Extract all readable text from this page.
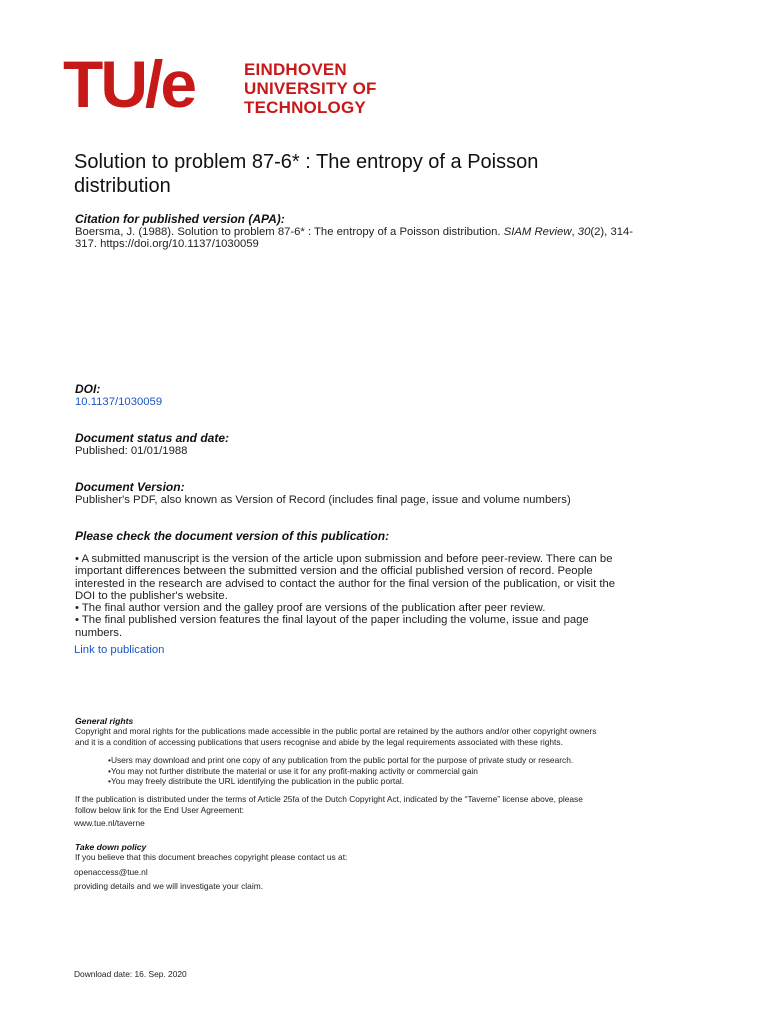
TU/e	EINDHOVEN
UNIVERSITY OF
TECHNOLOGY
Solution to problem 87-6* : The entropy of a Poisson
distribution
Citation for published version (APA):
Boersma, J. (1988). Solution to problem 87-6* : The entropy of a Poisson distribution. SIAM Review, 30(2), 314-
317. https://doi.org/10.1137/1030059
DOI:
10.1137/1030059
Document status and date:
Published: 01/01/1988
Document Version:
Publisher's PDF, also known as Version of Record (includes final page, issue and volume numbers)
Please check the document version of this publication:
• A submitted manuscript is the version of the article upon submission and before peer-review. There can be
important differences between the submitted version and the official published version of record. People
interested in the research are advised to contact the author for the final version of the publication, or visit the
DOI to the publisher's website.
• The final author version and the galley proof are versions of the publication after peer review.
• The final published version features the final layout of the paper including the volume, issue and page
numbers.
Link to publication
General rights
Copyright and moral rights for the publications made accessible in the public portal are retained by the authors and/or other copyright owners
and it is a condition of accessing publications that users recognise and abide by the legal requirements associated with these rights.
• Users may download and print one copy of any publication from the public portal for the purpose of private study or research.
• You may not further distribute the material or use it for any profit-making activity or commercial gain
• You may freely distribute the URL identifying the publication in the public portal.
If the publication is distributed under the terms of Article 25fa of the Dutch Copyright Act, indicated by the “Taverne” license above, please
follow below link for the End User Agreement:
www.tue.nl/taverne
Take down policy
If you believe that this document breaches copyright please contact us at:
openaccess@tue.nl
providing details and we will investigate your claim.
Download date: 16. Sep. 2020
